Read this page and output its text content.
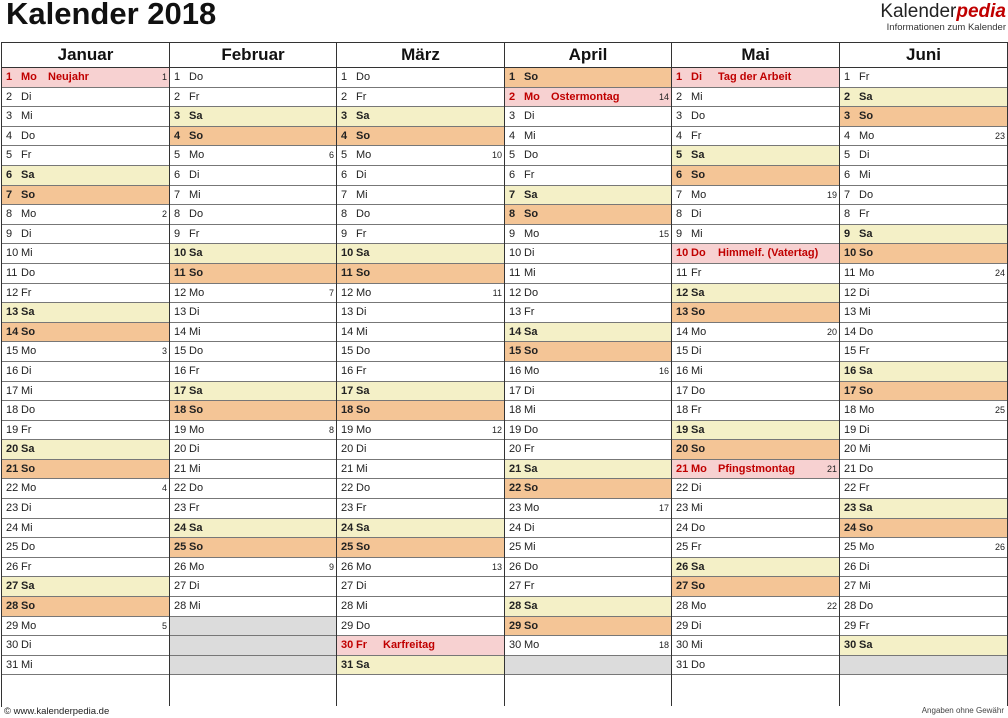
Kalender 2018	Kalenderpedia
Informationen zum Kalender
Januar
1 Mo Neujahr	1
2 Di
3 Mi
4 Do
5 Fr
6 Sa
7 So
8 Mo	2
9 Di
10 Mi
11 Do
12 Fr
13 Sa
14 So
15 Mo	3
16 Di
17 Mi
18 Do
19 Fr
20 Sa
21 So
22 Mo	4
23 Di
24 Mi
25 Do
26 Fr
27 Sa
28 So
29 Mo	5
30 Di
31 Mi
Februar
1 Do
2 Fr
3 Sa
4 So
5 Mo	6
6 Di
7 Mi
8 Do
9 Fr
10 Sa
11 So
12 Mo	7
13 Di
14 Mi
15 Do
16 Fr
17 Sa
18 So
19 Mo	8
20 Di
21 Mi
22 Do
23 Fr
24 Sa
25 So
26 Mo	9
27 Di
28 Mi
März
1 Do
2 Fr
3 Sa
4 So
5 Mo	10
6 Di
7 Mi
8 Do
9 Fr
10 Sa
11 So
12 Mo	11
13 Di
14 Mi
15 Do
16 Fr
17 Sa
18 So
19 Mo	12
20 Di
21 Mi
22 Do
23 Fr
24 Sa
25 So
26 Mo	13
27 Di
28 Mi
29 Do
30 Fr Karfreitag
31 Sa
April
1 So
2 Mo Ostermontag	14
3 Di
4 Mi
5 Do
6 Fr
7 Sa
8 So
9 Mo	15
10 Di
11 Mi
12 Do
13 Fr
14 Sa
15 So
16 Mo	16
17 Di
18 Mi
19 Do
20 Fr
21 Sa
22 So
23 Mo	17
24 Di
25 Mi
26 Do
27 Fr
28 Sa
29 So
30 Mo	18
Mai
1 Di Tag der Arbeit
2 Mi
3 Do
4 Fr
5 Sa
6 So
7 Mo	19
8 Di
9 Mi
10 Do Himmelf. (Vatertag)
11 Fr
12 Sa
13 So
14 Mo	20
15 Di
16 Mi
17 Do
18 Fr
19 Sa
20 So
21 Mo Pfingstmontag	21
22 Di
23 Mi
24 Do
25 Fr
26 Sa
27 So
28 Mo	22
29 Di
30 Mi
31 Do
Juni
1 Fr
2 Sa
3 So
4 Mo	23
5 Di
6 Mi
7 Do
8 Fr
9 Sa
10 So
11 Mo	24
12 Di
13 Mi
14 Do
15 Fr
16 Sa
17 So
18 Mo	25
19 Di
20 Mi
21 Do
22 Fr
23 Sa
24 So
25 Mo	26
26 Di
27 Mi
28 Do
29 Fr
30 Sa
© www.kalenderpedia.de	Angaben ohne Gewähr
